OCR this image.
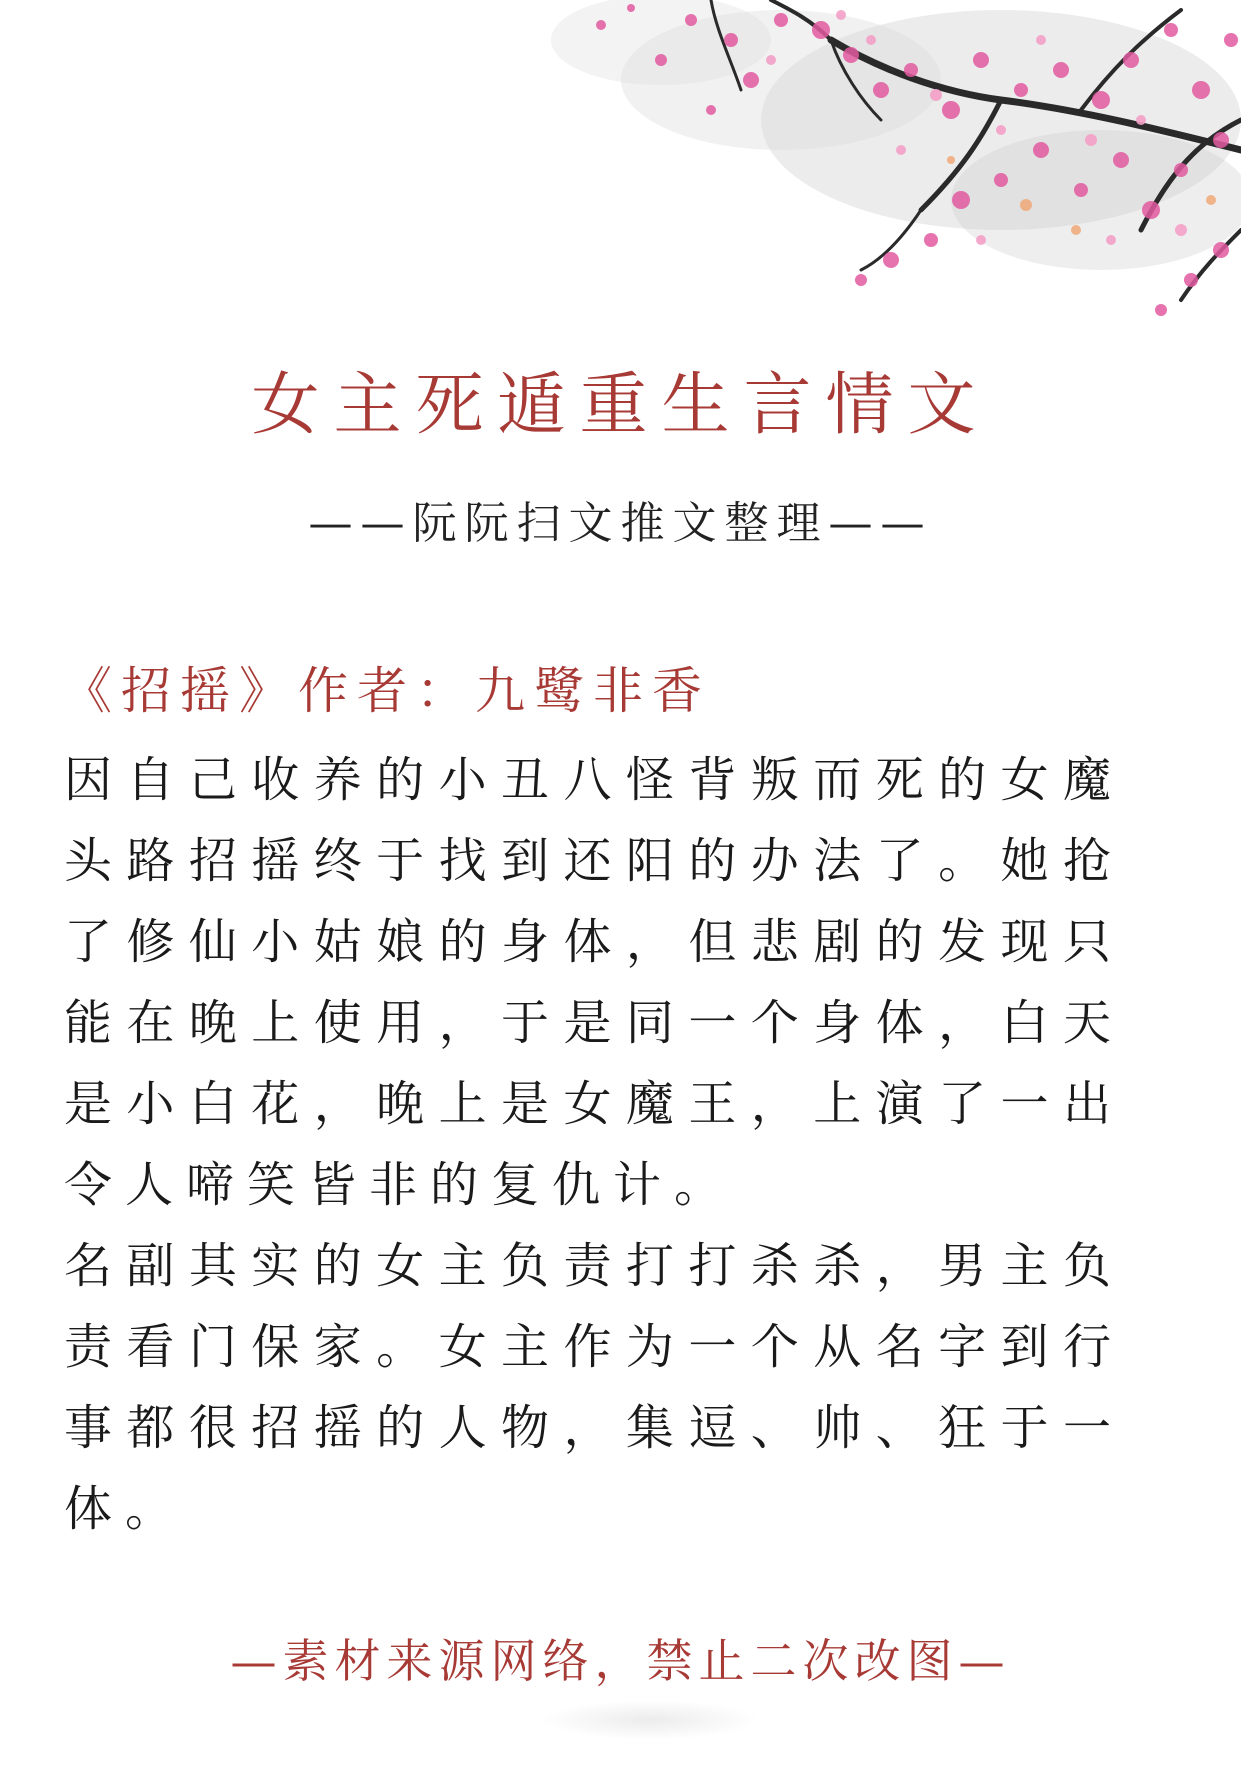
女主死遁重生言情文
——阮阮扫文推文整理——
《招摇》作者：九鹭非香

因自己收养的小丑八怪背叛而死的女魔头路招摇终于找到还阳的办法了。她抢了修仙小姑娘的身体，但悲剧的发现只能在晚上使用，于是同一个身体，白天是小白花，晚上是女魔王，上演了一出令人啼笑皆非的复仇计。

名副其实的女主负责打打杀杀，男主负责看门保家。女主作为一个从名字到行事都很招摇的人物，集逗、帅、狂于一体。

—素材来源网络，禁止二次改图—
